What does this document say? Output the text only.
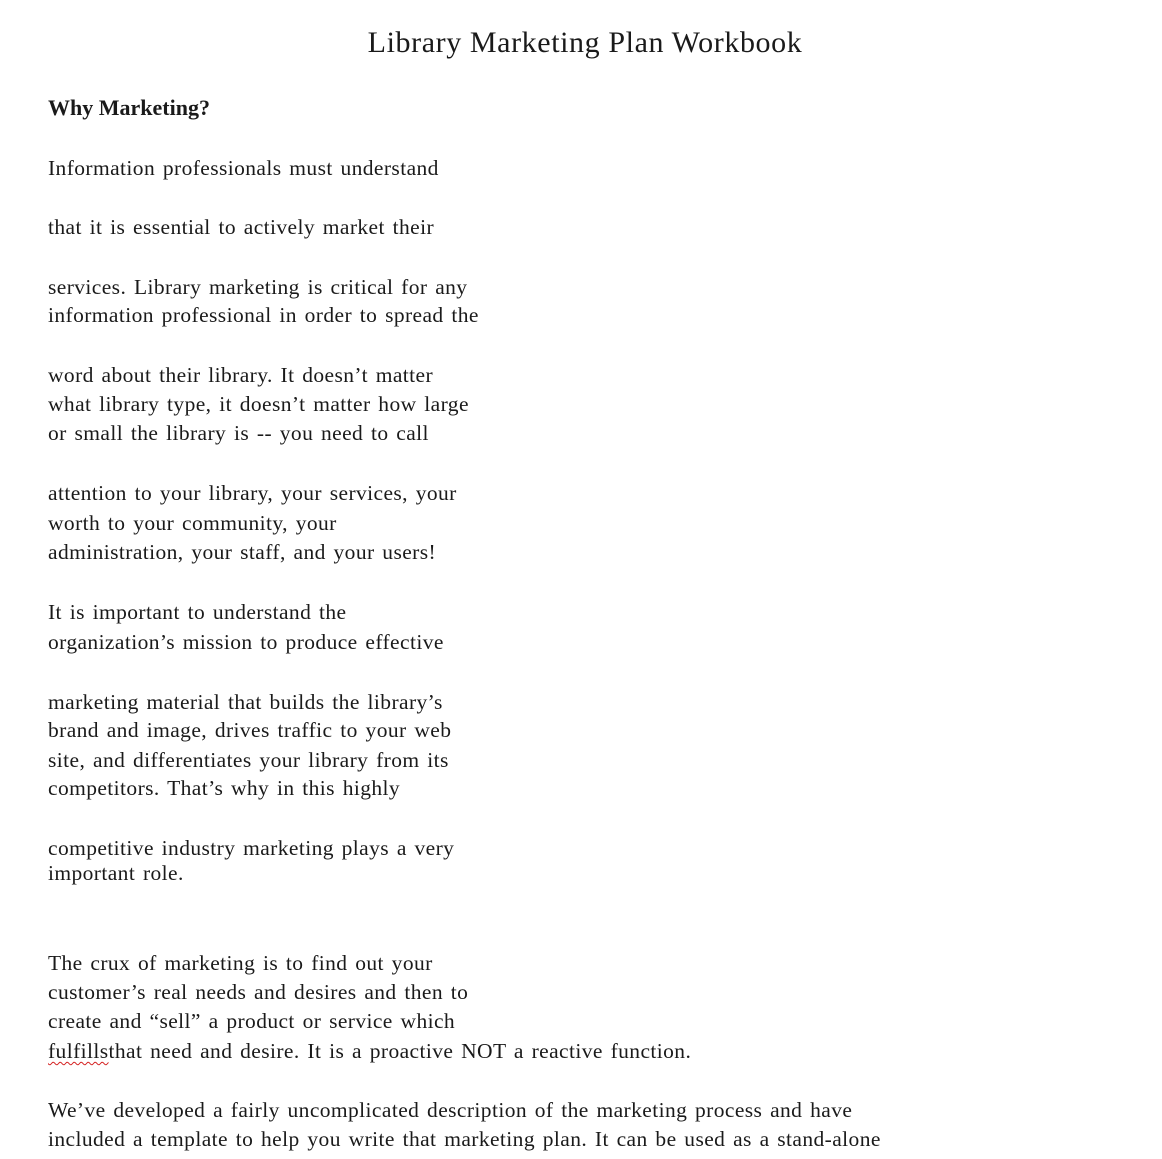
Library Marketing Plan Workbook
Why Marketing?
Information professionals must understand
that it is essential to actively market their
services. Library marketing is critical for any
information professional in order to spread the
word about their library. It doesn’t matter
what library type, it doesn’t matter how large
or small the library is -- you need to call
attention to your library, your services, your
worth to your community, your
administration, your staff, and your users!
It is important to understand the
organization’s mission to produce effective
marketing material that builds the library’s
brand and image, drives traffic to your web
site, and differentiates your library from its
competitors. That’s why in this highly
competitive industry marketing plays a very
important role.
The crux of marketing is to find out your
customer’s real needs and desires and then to
create and “sell” a product or service which
fulfillsthat need and desire. It is a proactive NOT a reactive function.
We’ve developed a fairly uncomplicated description of the marketing process and have
included a template to help you write that marketing plan. It can be used as a stand-alone
